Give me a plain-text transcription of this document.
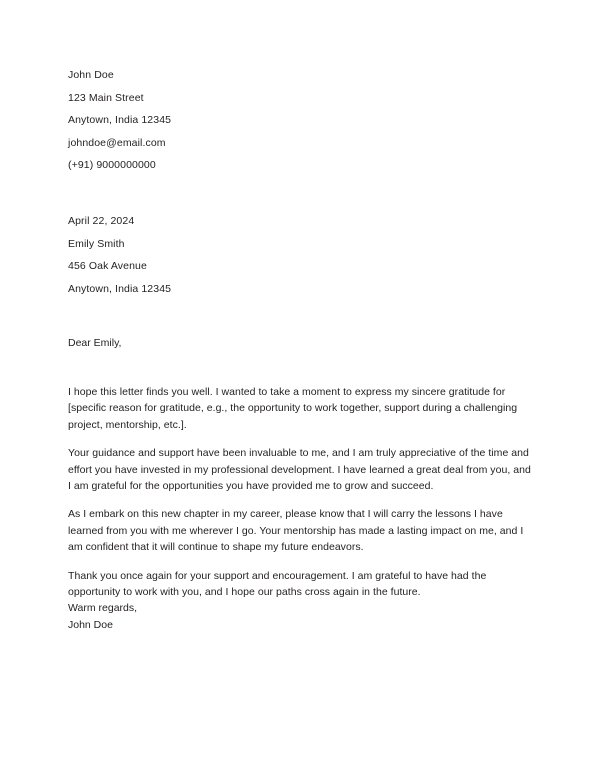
John Doe
123 Main Street
Anytown, India 12345
johndoe@email.com
(+91) 9000000000
April 22, 2024
Emily Smith
456 Oak Avenue
Anytown, India 12345
Dear Emily,

I hope this letter finds you well. I wanted to take a moment to express my sincere gratitude for [specific reason for gratitude, e.g., the opportunity to work together, support during a challenging project, mentorship, etc.].

Your guidance and support have been invaluable to me, and I am truly appreciative of the time and effort you have invested in my professional development. I have learned a great deal from you, and I am grateful for the opportunities you have provided me to grow and succeed.

As I embark on this new chapter in my career, please know that I will carry the lessons I have learned from you with me wherever I go. Your mentorship has made a lasting impact on me, and I am confident that it will continue to shape my future endeavors.

Thank you once again for your support and encouragement. I am grateful to have had the opportunity to work with you, and I hope our paths cross again in the future.

Warm regards,
John Doe
